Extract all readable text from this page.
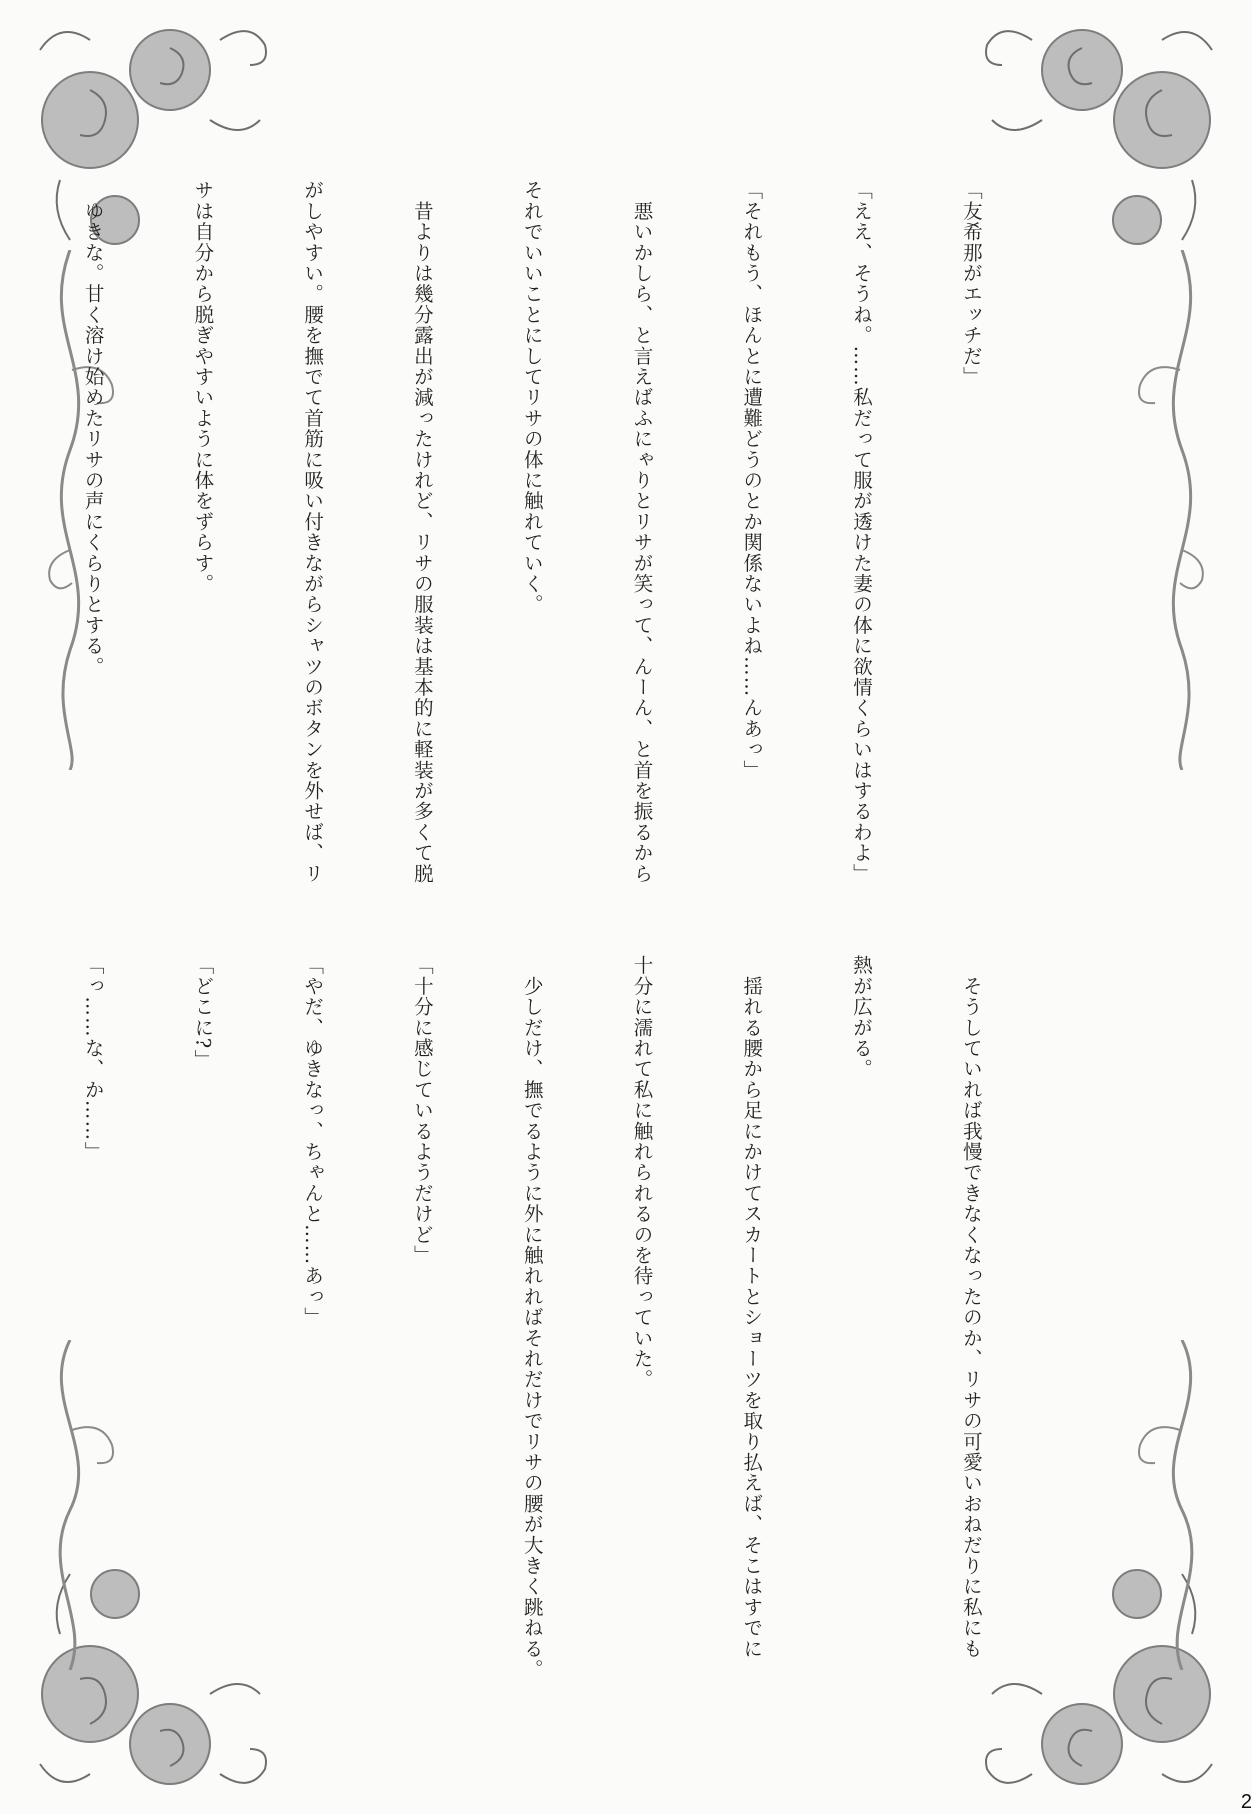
「友希那がエッチだ」

「ええ、そうね。……私だって服が透けた妻の体に欲情くらいはするわよ」

「それもう、ほんとに遭難どうのとか関係ないよね……んあっ」

　悪いかしら、と言えばふにゃりとリサが笑って、んーん、と首を振るから

それでいいことにしてリサの体に触れていく。

　昔よりは幾分露出が減ったけれど、リサの服装は基本的に軽装が多くて脱

がしやすい。腰を撫でて首筋に吸い付きながらシャツのボタンを外せば、リ

サは自分から脱ぎやすいように体をずらす。

　ゆきな。甘く溶け始めたリサの声にくらりとする。

　そうしていれば我慢できなくなったのか、リサの可愛いおねだりに私にも

熱が広がる。

　揺れる腰から足にかけてスカートとショーツを取り払えば、そこはすでに

十分に濡れて私に触れられるのを待っていた。

　少しだけ、撫でるように外に触れればそれだけでリサの腰が大きく跳ねる。

「十分に感じているようだけど」

「やだ、ゆきなっ、ちゃんと……あっ」

「どこに?」

「っ……な、か……」

2
